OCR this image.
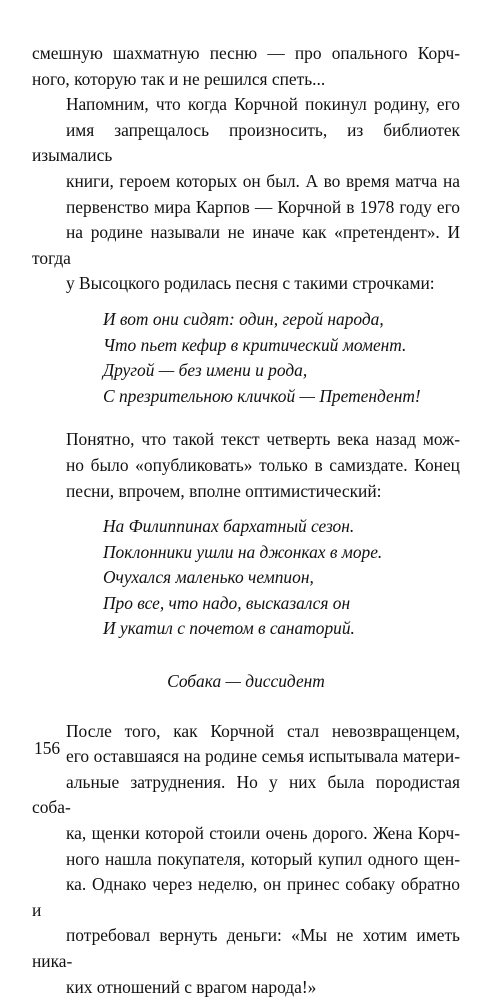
смешную шахматную песню — про опального Корч-
ного, которую так и не решился спеть...
Напомним, что когда Корчной покинул родину, его
имя запрещалось произносить, из библиотек изымались
книги, героем которых он был. А во время матча на
первенство мира Карпов — Корчной в 1978 году его
на родине называли не иначе как «претендент». И тогда
у Высоцкого родилась песня с такими строчками:
И вот они сидят: один, герой народа,
Что пьет кефир в критический момент.
Другой — без имени и рода,
С презрительною кличкой — Претендент!
Понятно, что такой текст четверть века назад мож-
но было «опубликовать» только в самиздате. Конец
песни, впрочем, вполне оптимистический:
На Филиппинах бархатный сезон.
Поклонники ушли на джонках в море.
Очухался маленько чемпион,
Про все, что надо, высказался он
И укатил с почетом в санаторий.
Собака — диссидент
После того, как Корчной стал невозвращенцем,
его оставшаяся на родине семья испытывала матери-
альные затруднения. Но у них была породистая соба-
ка, щенки которой стоили очень дорого. Жена Корч-
ного нашла покупателя, который купил одного щен-
ка. Однако через неделю, он принес собаку обратно и
потребовал вернуть деньги: «Мы не хотим иметь ника-
ких отношений с врагом народа!»
156
